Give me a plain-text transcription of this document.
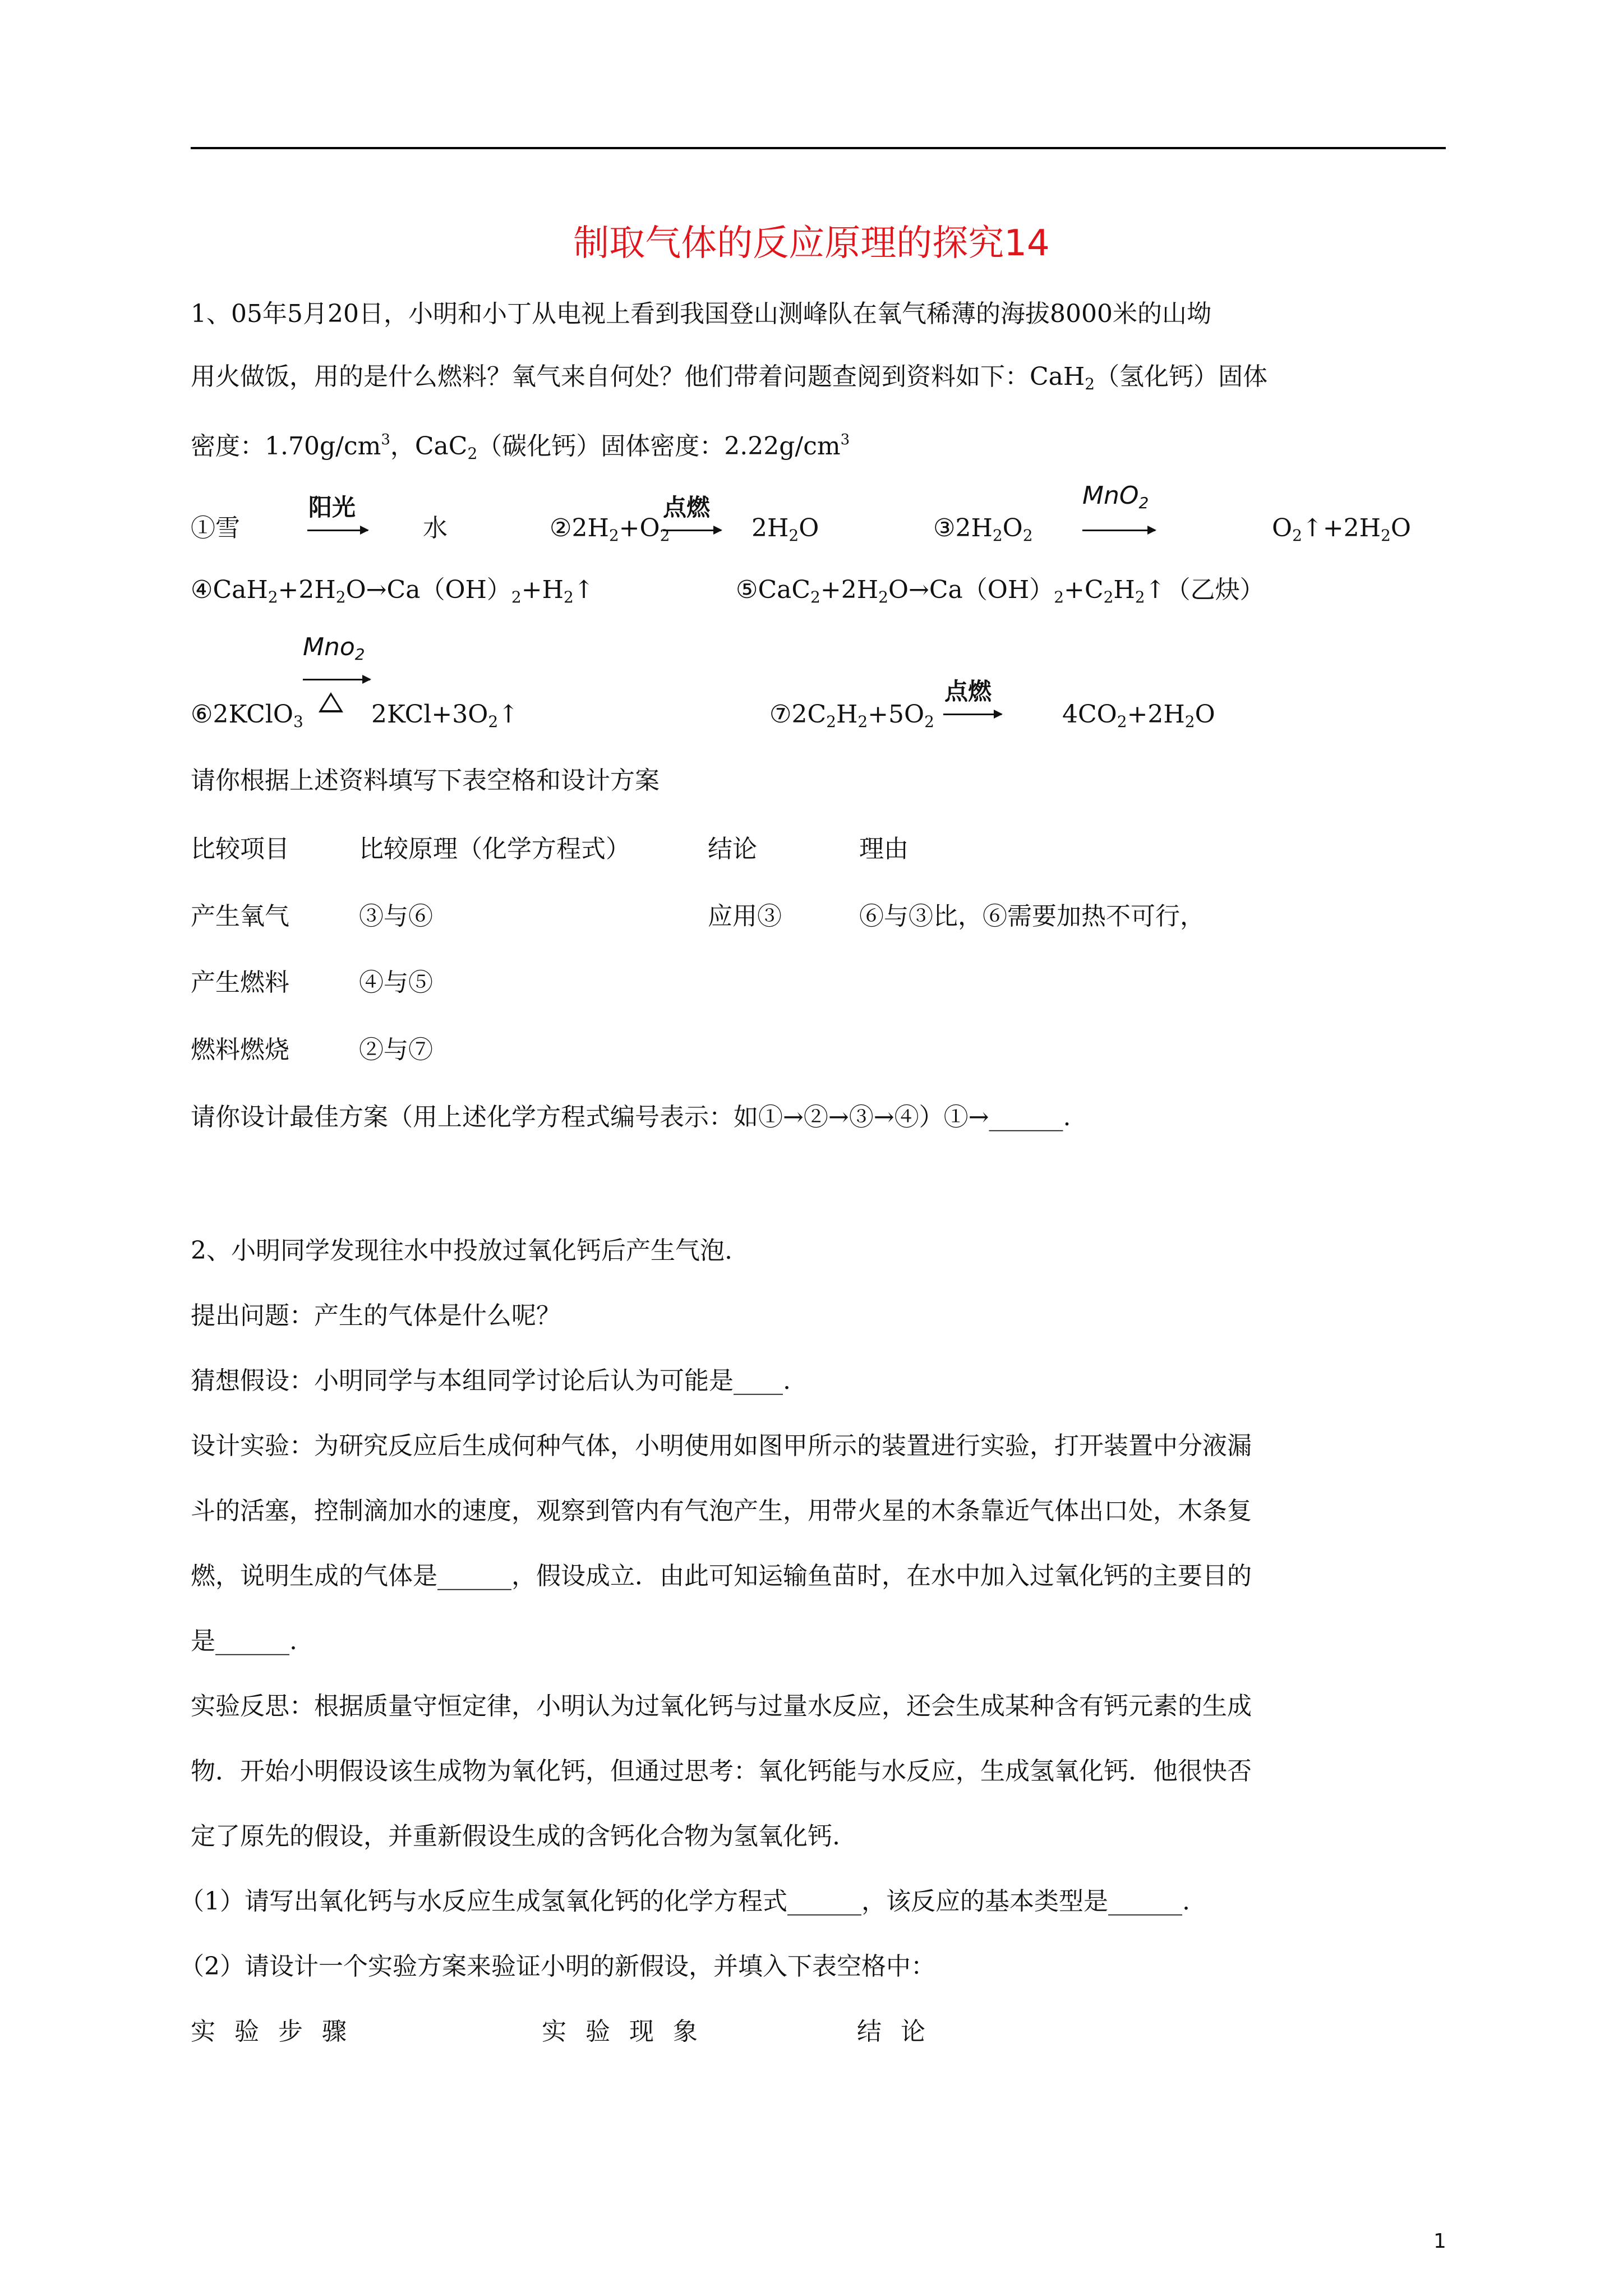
制取气体的反应原理的探究14
1、05年5月20日，小明和小丁从电视上看到我国登山测峰队在氧气稀薄的海拔8000米的山坳
用火做饭，用的是什么燃料？氧气来自何处？他们带着问题查阅到资料如下：CaH$_2$（氢化钙）固体
密度：$1.70g/cm^3$，CaC$_2$（碳化钙）固体密度：$2.22g/cm^3$
①雪
阳光
水	$②2H_2+O_2$
点燃
$2H_2O$	$③2H_2O_2$
MnO$_2$
$O_2↑+2H_2O$
$④CaH_2+2H_2O\to Ca(OH)_2+H_2↑$	$⑤CaC_2+2H_2O\to Ca(OH)_2+C_2H_2↑$（乙炔）
⑥2KClO$_3$
Mno$_2$
$2KCl+3O_2↑$	$⑦2C_2H_2+5O_2$
点燃
$4CO_2+2H_2O$
请你根据上述资料填写下表空格和设计方案
比较项目	比较原理（化学方程式）	结论	理由
产生氧气	③与⑥	应用③	⑥与③比，⑥需要加热不可行，
产生燃料	④与⑤
燃料燃烧	②与⑦
请你设计最佳方案（用上述化学方程式编号表示：如①→②→③→④）①→______.
2、小明同学发现往水中投放过氧化钙后产生气泡.
提出问题：产生的气体是什么呢？
猜想假设：小明同学与本组同学讨论后认为可能是____.
设计实验：为研究反应后生成何种气体，小明使用如图甲所示的装置进行实验，打开装置中分液漏
斗的活塞，控制滴加水的速度，观察到管内有气泡产生，用带火星的木条靠近气体出口处，木条复
燃，说明生成的气体是______，假设成立．由此可知运输鱼苗时，在水中加入过氧化钙的主要目的
是______.
实验反思：根据质量守恒定律，小明认为过氧化钙与过量水反应，还会生成某种含有钙元素的生成
物．开始小明假设该生成物为氧化钙，但通过思考：氧化钙能与水反应，生成氢氧化钙．他很快否
定了原先的假设，并重新假设生成的含钙化合物为氢氧化钙.
（1）请写出氧化钙与水反应生成氢氧化钙的化学方程式______，该反应的基本类型是______.
（2）请设计一个实验方案来验证小明的新假设，并填入下表空格中：
实 验 步 骤	实 验 现 象	结 论
1
